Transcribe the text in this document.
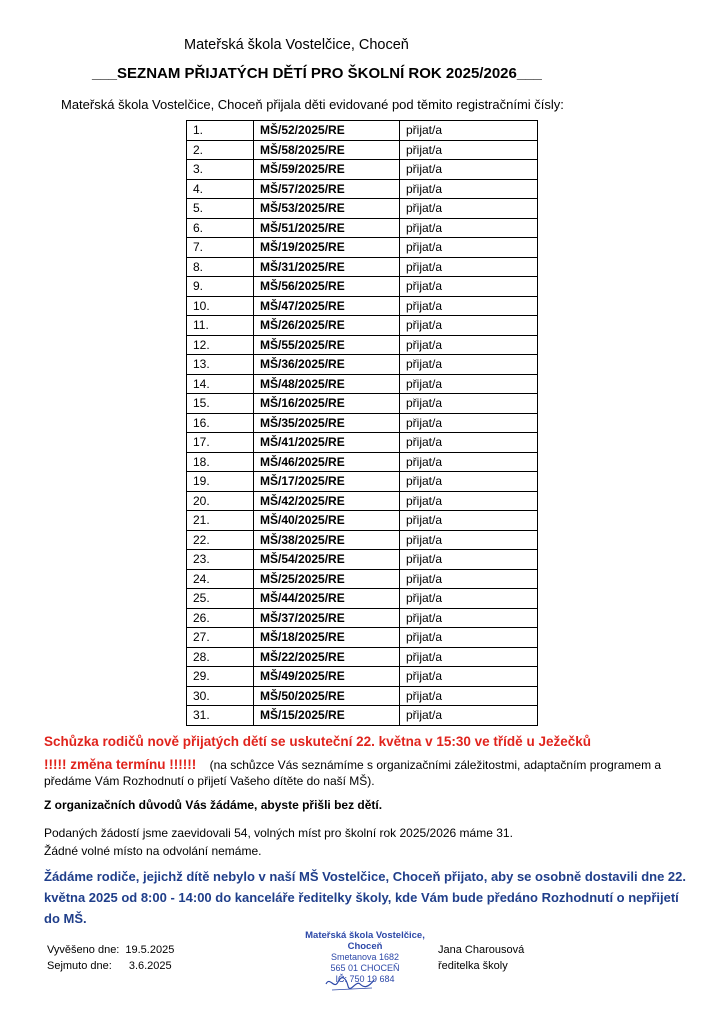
Mateřská škola Vostelčice, Choceň
___SEZNAM PŘIJATÝCH DĚTÍ PRO ŠKOLNÍ ROK 2025/2026___
Mateřská škola Vostelčice, Choceň přijala děti evidované pod těmito registračními čísly:
1.	MŠ/52/2025/RE	přijat/a
2.	MŠ/58/2025/RE	přijat/a
3.	MŠ/59/2025/RE	přijat/a
4.	MŠ/57/2025/RE	přijat/a
5.	MŠ/53/2025/RE	přijat/a
6.	MŠ/51/2025/RE	přijat/a
7.	MŠ/19/2025/RE	přijat/a
8.	MŠ/31/2025/RE	přijat/a
9.	MŠ/56/2025/RE	přijat/a
10.	MŠ/47/2025/RE	přijat/a
11.	MŠ/26/2025/RE	přijat/a
12.	MŠ/55/2025/RE	přijat/a
13.	MŠ/36/2025/RE	přijat/a
14.	MŠ/48/2025/RE	přijat/a
15.	MŠ/16/2025/RE	přijat/a
16.	MŠ/35/2025/RE	přijat/a
17.	MŠ/41/2025/RE	přijat/a
18.	MŠ/46/2025/RE	přijat/a
19.	MŠ/17/2025/RE	přijat/a
20.	MŠ/42/2025/RE	přijat/a
21.	MŠ/40/2025/RE	přijat/a
22.	MŠ/38/2025/RE	přijat/a
23.	MŠ/54/2025/RE	přijat/a
24.	MŠ/25/2025/RE	přijat/a
25.	MŠ/44/2025/RE	přijat/a
26.	MŠ/37/2025/RE	přijat/a
27.	MŠ/18/2025/RE	přijat/a
28.	MŠ/22/2025/RE	přijat/a
29.	MŠ/49/2025/RE	přijat/a
30.	MŠ/50/2025/RE	přijat/a
31.	MŠ/15/2025/RE	přijat/a
Schůzka rodičů nově přijatých dětí se uskuteční 22. května v 15:30 ve třídě u Ježečků
!!!!! změna termínu !!!!!! (na schůzce Vás seznámíme s organizačními záležitostmi, adaptačním programem a předáme Vám Rozhodnutí o přijetí Vašeho dítěte do naší MŠ).
Z organizačních důvodů Vás žádáme, abyste přišli bez dětí.
Podaných žádostí jsme zaevidovali 54, volných míst pro školní rok 2025/2026 máme 31.
Žádné volné místo na odvolání nemáme.
Žádáme rodiče, jejichž dítě nebylo v naší MŠ Vostelčice, Choceň přijato, aby se osobně dostavili dne 22. května 2025 od 8:00 - 14:00 do kanceláře ředitelky školy, kde Vám bude předáno Rozhodnutí o nepřijetí do MŠ.
Vyvěšeno dne: 19.5.2025
Sejmuto dne: 3.6.2025
Mateřská škola Vostelčice, Choceň
Smetanova 1682
565 01 CHOCEŇ
IČ: 750 19 684
Jana Charousová
ředitelka školy
